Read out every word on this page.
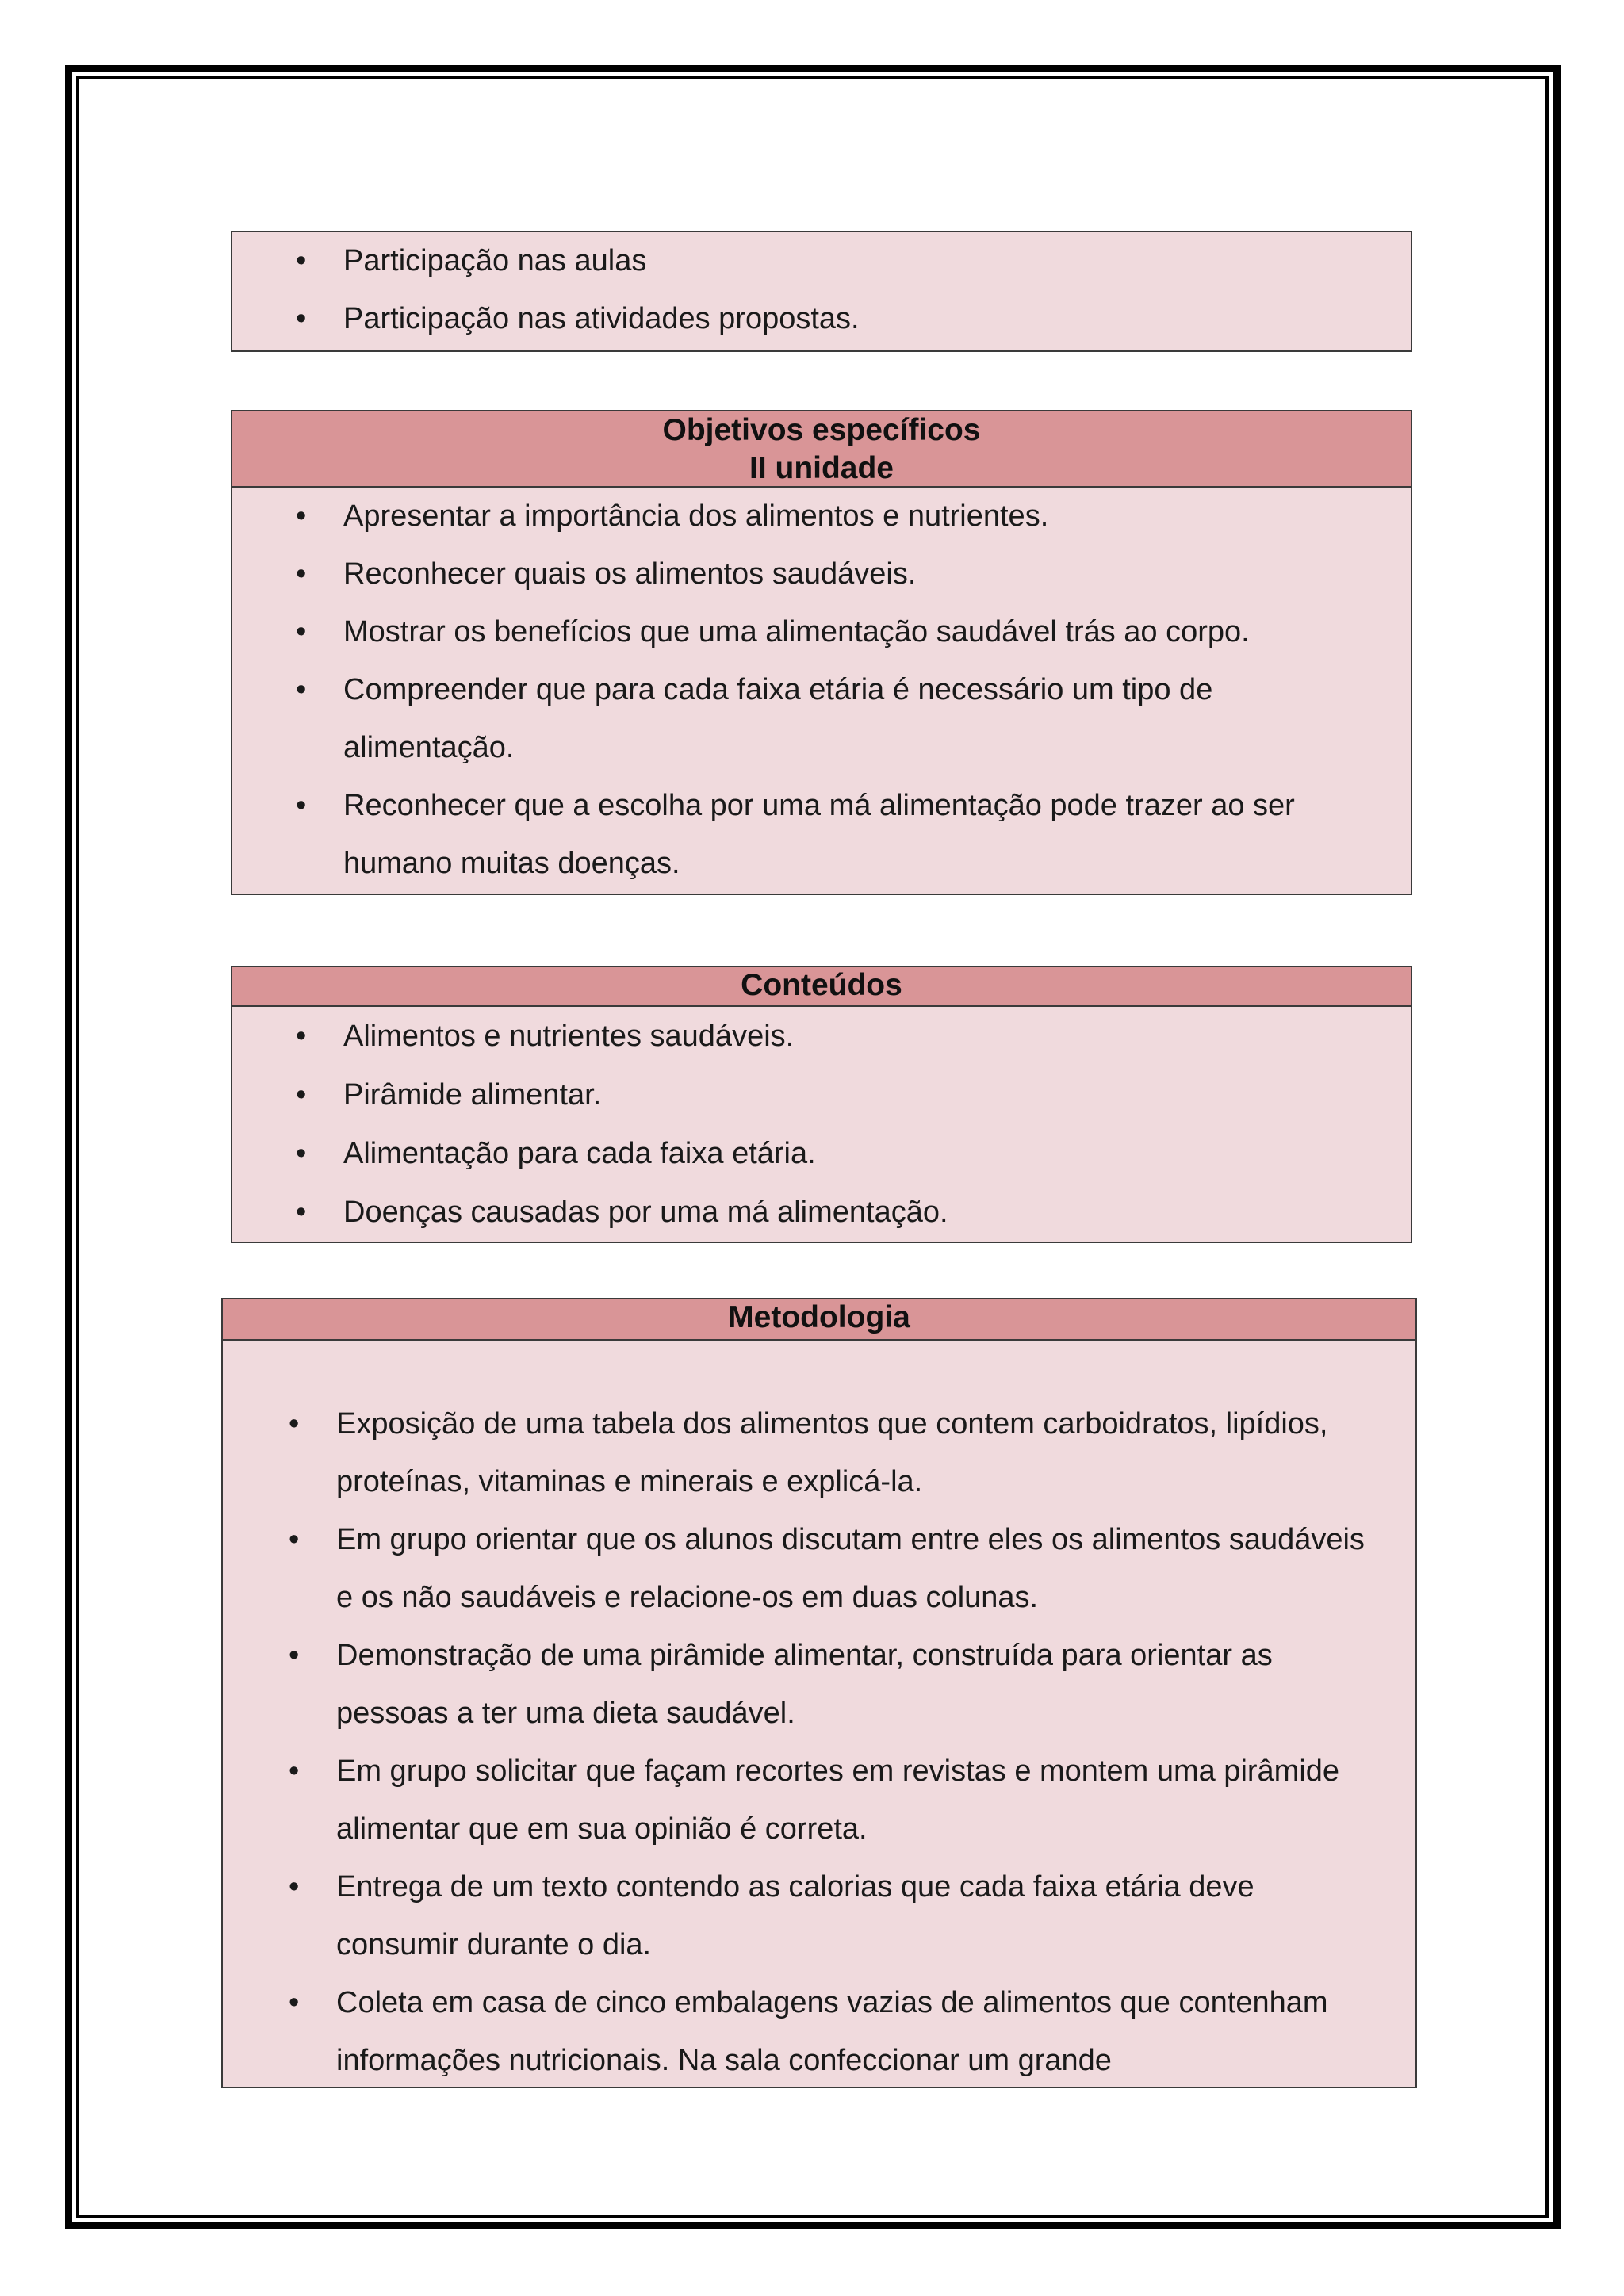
• Participação nas aulas
• Participação nas atividades propostas.
Objetivos específicos
II unidade
• Apresentar a importância dos alimentos e nutrientes.
• Reconhecer quais os alimentos saudáveis.
• Mostrar os benefícios que uma alimentação saudável trás ao corpo.
• Compreender que para cada faixa etária é necessário um tipo de alimentação.
• Reconhecer que a escolha por uma má alimentação pode trazer ao ser humano muitas doenças.
Conteúdos
• Alimentos e nutrientes saudáveis.
• Pirâmide alimentar.
• Alimentação para cada faixa etária.
• Doenças causadas por uma má alimentação.
Metodologia
• Exposição de uma tabela dos alimentos que contem carboidratos, lipídios, proteínas, vitaminas e minerais e explicá-la.
• Em grupo orientar que os alunos discutam entre eles os alimentos saudáveis e os não saudáveis e relacione-os em duas colunas.
• Demonstração de uma pirâmide alimentar, construída para orientar as pessoas a ter uma dieta saudável.
• Em grupo solicitar que façam recortes em revistas e montem uma pirâmide alimentar que em sua opinião é correta.
• Entrega de um texto contendo as calorias que cada faixa etária deve consumir durante o dia.
• Coleta em casa de cinco embalagens vazias de alimentos que contenham informações nutricionais. Na sala confeccionar um grande
